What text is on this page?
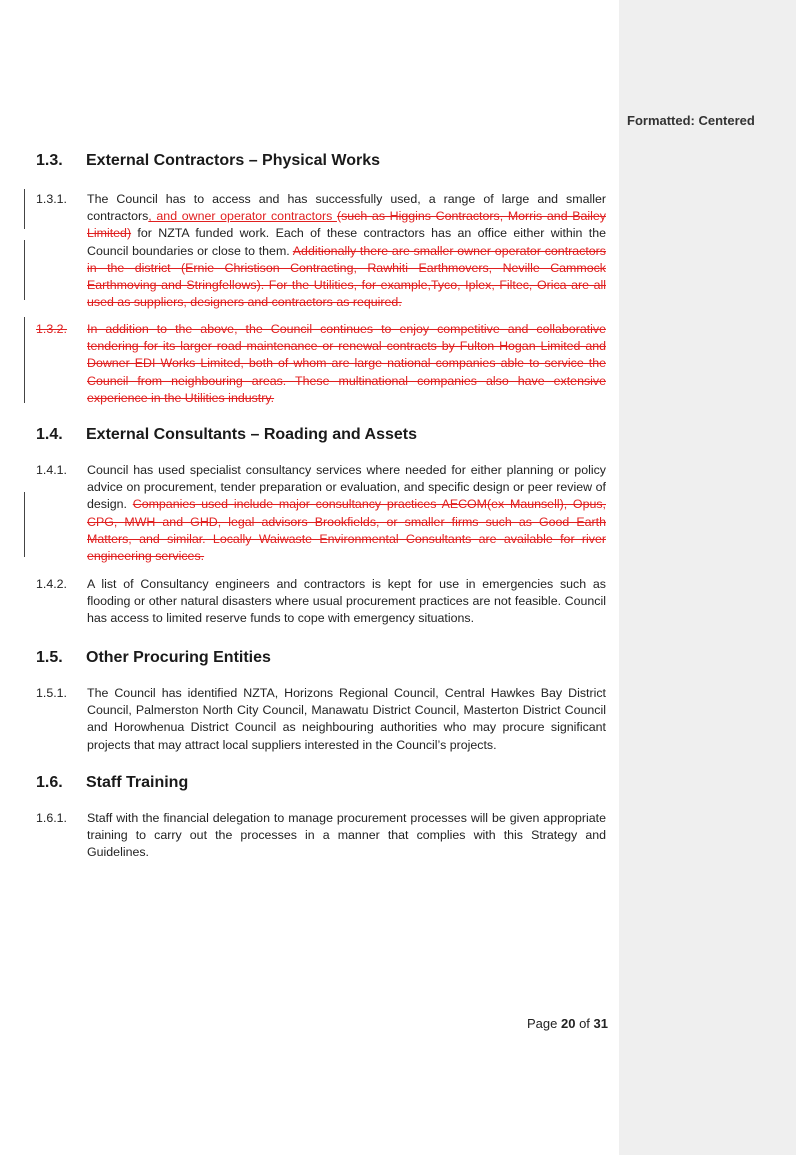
1.3.	External Contractors – Physical Works
1.3.1.	The Council has to access and has successfully used, a range of large and smaller contractors, and owner operator contractors (such as Higgins Contractors, Morris and Bailey Limited) for NZTA funded work. Each of these contractors has an office either within the Council boundaries or close to them. Additionally there are smaller owner operator contractors in the district (Ernie Christison Contracting, Rawhiti Earthmovers, Neville Cammock Earthmoving and Stringfellows). For the Utilities, for example,Tyco, Iplex, Filtec, Orica are all used as suppliers, designers and contractors as required.
1.3.2.	In addition to the above, the Council continues to enjoy competitive and collaborative tendering for its larger road maintenance or renewal contracts by Fulton Hogan Limited and Downer EDI Works Limited, both of whom are large national companies able to service the Council from neighbouring areas. These multinational companies also have extensive experience in the Utilities industry.
1.4.	External Consultants – Roading and Assets
1.4.1.	Council has used specialist consultancy services where needed for either planning or policy advice on procurement, tender preparation or evaluation, and specific design or peer review of design. Companies used include major consultancy practices AECOM(ex Maunsell), Opus, CPG, MWH and GHD, legal advisors Brookfields, or smaller firms such as Good Earth Matters, and similar. Locally Waiwaste Environmental Consultants are available for river engineering services.
1.4.2.	A list of Consultancy engineers and contractors is kept for use in emergencies such as flooding or other natural disasters where usual procurement practices are not feasible. Council has access to limited reserve funds to cope with emergency situations.
1.5.	Other Procuring Entities
1.5.1.	The Council has identified NZTA, Horizons Regional Council, Central Hawkes Bay District Council, Palmerston North City Council, Manawatu District Council, Masterton District Council and Horowhenua District Council as neighbouring authorities who may procure significant projects that may attract local suppliers interested in the Council’s projects.
1.6.	Staff Training
1.6.1.	Staff with the financial delegation to manage procurement processes will be given appropriate training to carry out the processes in a manner that complies with this Strategy and Guidelines.
Page 20 of 31
Formatted: Centered
